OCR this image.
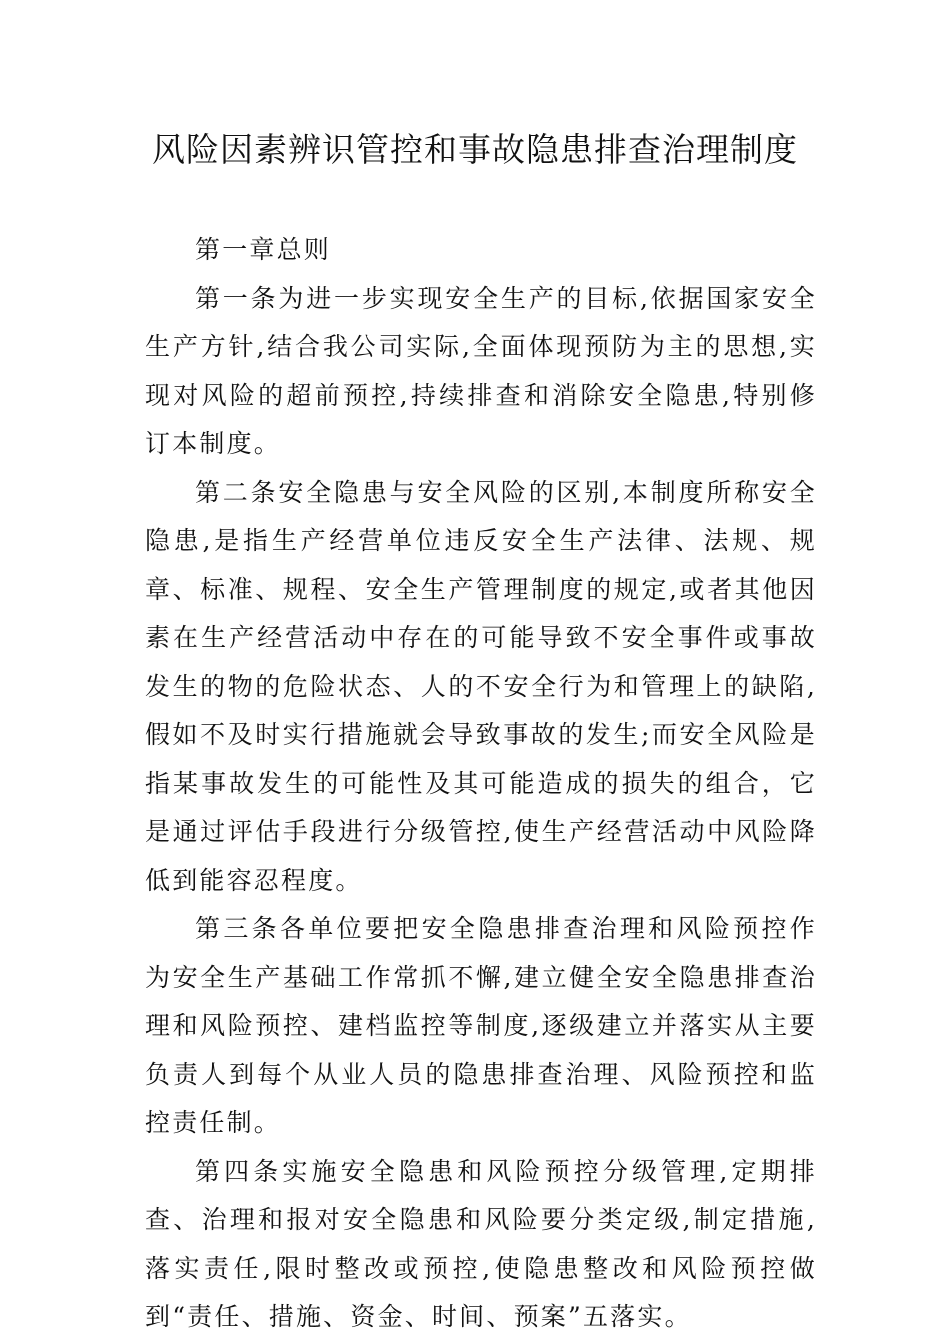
风险因素辨识管控和事故隐患排查治理制度

第一章总则

第一条为进一步实现安全生产的目标,依据国家安全生产方针,结合我公司实际,全面体现预防为主的思想,实现对风险的超前预控,持续排查和消除安全隐患,特别修订本制度。

第二条安全隐患与安全风险的区别,本制度所称安全隐患,是指生产经营单位违反安全生产法律、法规、规章、标准、规程、安全生产管理制度的规定,或者其他因素在生产经营活动中存在的可能导致不安全事件或事故发生的物的危险状态、人的不安全行为和管理上的缺陷,假如不及时实行措施就会导致事故的发生;而安全风险是指某事故发生的可能性及其可能造成的损失的组合，它是通过评估手段进行分级管控,使生产经营活动中风险降低到能容忍程度。

第三条各单位要把安全隐患排查治理和风险预控作为安全生产基础工作常抓不懈,建立健全安全隐患排查治理和风险预控、建档监控等制度,逐级建立并落实从主要负责人到每个从业人员的隐患排查治理、风险预控和监控责任制。

第四条实施安全隐患和风险预控分级管理,定期排查、治理和报对安全隐患和风险要分类定级,制定措施,落实责任,限时整改或预控,使隐患整改和风险预控做到“责任、措施、资金、时间、预案”五落实。
